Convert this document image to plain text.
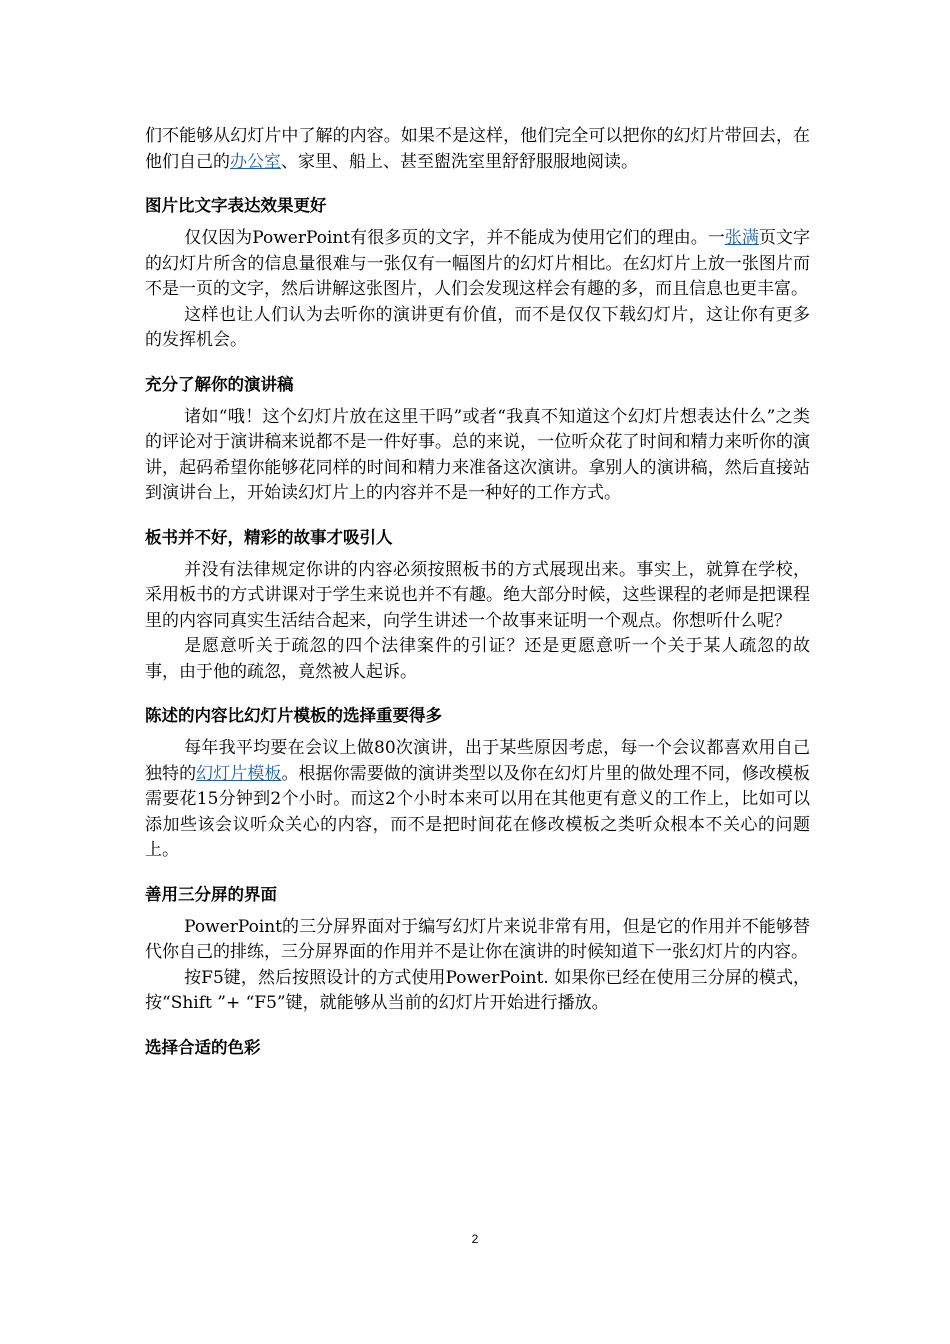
们不能够从幻灯片中了解的内容。如果不是这样，他们完全可以把你的幻灯片带回去，在他们自己的办公室、家里、船上、甚至盥洗室里舒舒服服地阅读。

图片比文字表达效果更好

仅仅因为PowerPoint有很多页的文字，并不能成为使用它们的理由。一张满页文字的幻灯片所含的信息量很难与一张仅有一幅图片的幻灯片相比。在幻灯片上放一张图片而不是一页的文字，然后讲解这张图片，人们会发现这样会有趣的多，而且信息也更丰富。

这样也让人们认为去听你的演讲更有价值，而不是仅仅下载幻灯片，这让你有更多的发挥机会。

充分了解你的演讲稿

诸如“哦！这个幻灯片放在这里干吗”或者“我真不知道这个幻灯片想表达什么”之类的评论对于演讲稿来说都不是一件好事。总的来说，一位听众花了时间和精力来听你的演讲，起码希望你能够花同样的时间和精力来准备这次演讲。拿别人的演讲稿，然后直接站到演讲台上，开始读幻灯片上的内容并不是一种好的工作方式。

板书并不好，精彩的故事才吸引人

并没有法律规定你讲的内容必须按照板书的方式展现出来。事实上，就算在学校，采用板书的方式讲课对于学生来说也并不有趣。绝大部分时候，这些课程的老师是把课程里的内容同真实生活结合起来，向学生讲述一个故事来证明一个观点。你想听什么呢？

是愿意听关于疏忽的四个法律案件的引证？还是更愿意听一个关于某人疏忽的故事，由于他的疏忽，竟然被人起诉。

陈述的内容比幻灯片模板的选择重要得多

每年我平均要在会议上做80次演讲，出于某些原因考虑，每一个会议都喜欢用自己独特的幻灯片模板。根据你需要做的演讲类型以及你在幻灯片里的做处理不同，修改模板需要花15分钟到2个小时。而这2个小时本来可以用在其他更有意义的工作上，比如可以添加些该会议听众关心的内容，而不是把时间花在修改模板之类听众根本不关心的问题上。

善用三分屏的界面

PowerPoint的三分屏界面对于编写幻灯片来说非常有用，但是它的作用并不能够替代你自己的排练，三分屏界面的作用并不是让你在演讲的时候知道下一张幻灯片的内容。

按F5键，然后按照设计的方式使用PowerPoint. 如果你已经在使用三分屏的模式，按“Shift ”+ “F5”键，就能够从当前的幻灯片开始进行播放。

选择合适的色彩
2
